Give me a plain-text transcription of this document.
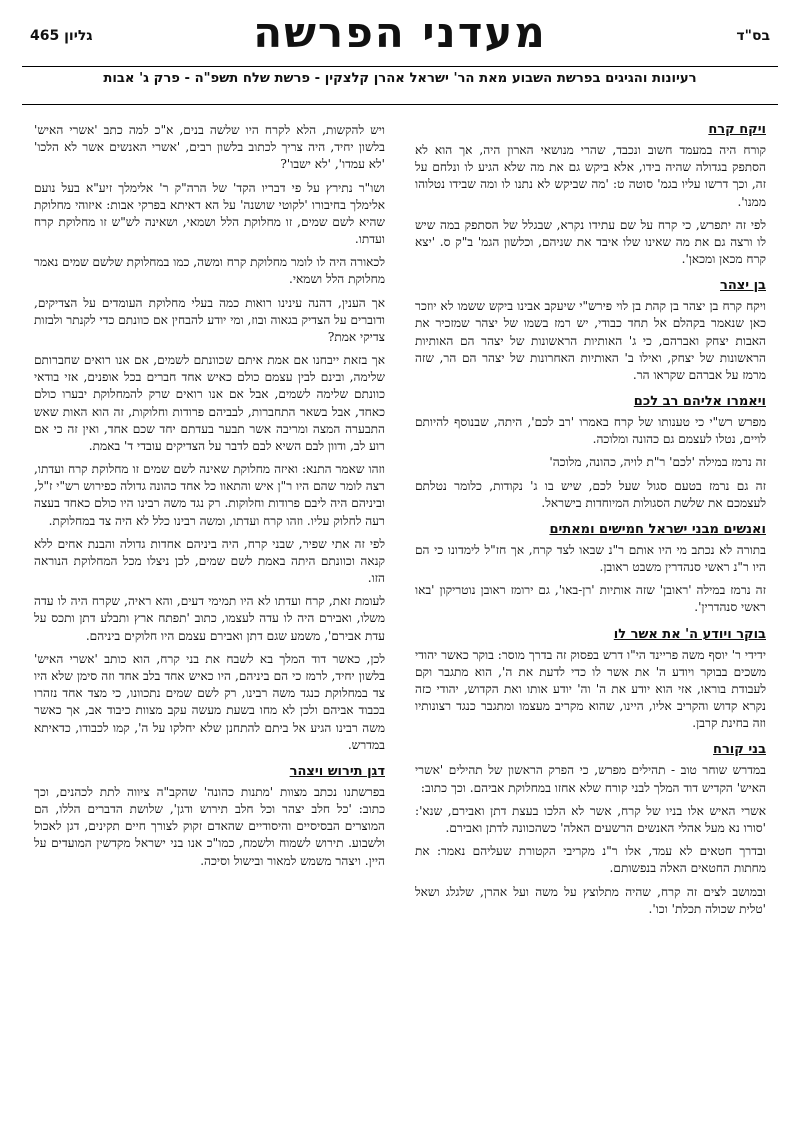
בס"ד
גליון 465	מעדני הפרשה
רעיונות והגיגים בפרשת השבוע מאת הר' ישראל אהרן קלצקין - פרשת שלח תשפ"ה - פרק ג' אבות
ויקח קרח

קורח היה במעמד חשוב ונכבד, שהרי מנושאי הארון היה, אך הוא לא הסתפק בגדולה שהיה בידו, אלא ביקש גם את מה שלא הגיע לו ונלחם על זה, וכך דרשו עליו בגמ' סוטה ט: 'מה שביקש לא נתנו לו ומה שבידו נטלוהו ממנו'.

לפי זה יתפרש, כי קרח על שם עתידו נקרא, שבגלל של הסתפק במה שיש לו ורצה גם את מה שאינו שלו איבד את שניהם, וכלשון הגמ' ב"ק ס. 'יצא קרח מכאן ומכאן'.

בן יצהר

ויקח קרח בן יצהר בן קהת בן לוי פירש"י שיעקב אבינו ביקש ששמו לא יוזכר כאן שנאמר בקהלם אל תחד כבודי, יש רמז בשמו של יצהר שמזכיר את האבות יצחק ואברהם, כי ג' האותיות הראשונות של יצהר הם האותיות הראשונות של יצחק, ואילו ב' האותיות האחרונות של יצהר הם הר, שזה מרמז על אברהם שקראו הר.

ויאמרו אליהם רב לכם

מפרש רש"י כי טענותו של קרח באמרו 'רב לכם', היתה, שבנוסף להיותם לויים, נטלו לעצמם גם כהונה ומלוכה.

זה נרמז במילה 'לכם' ר"ת לויה, כהונה, מלוכה'

זה גם נרמז בטעם סגול שעל לכם, שיש בו ג' נקודות, כלומר נטלתם לעצמכם את שלשת הסגולות המיוחדות בישראל.

ואנשים מבני ישראל חמישים ומאתים

בתורה לא נכתב מי היו אותם ר"נ שבאו לצד קרח, אך חז"ל לימדונו כי הם היו ר"נ ראשי סנהדרין משבט ראובן.

זה נרמז במילה 'ראובן' שזה אותיות 'רן-באו', גם ירומז ראובן נוטריקון 'באו ראשי סנהדרין'.

בוקר ויודע ה' את אשר לו

ידידי ר' יוסף משה פריינד הי"ו דרש בפסוק זה בדרך מוסר: בוקר כאשר יהודי משכים בבוקר ויודע ה' את אשר לו כדי לדעת את ה', הוא מתגבר וקם לעבודת בוראו, אזי הוא יודע את ה' וה' יודע אותו ואת הקדוש, יהודי כזה נקרא קדוש והקריב אליו, היינו, שהוא מקריב מעצמו ומתגבר כנגד רצונותיו וזה בחינת קרבן.

בני קורח

במדרש שוחר טוב - תהילים מפרש, כי הפרק הראשון של תהילים 'אשרי האיש' הקדיש דוד המלך לבני קורח שלא אחזו במחלוקת אביהם. וכך כתוב:

אשרי האיש אלו בניו של קרח, אשר לא הלכו בעצת דתן ואבירם, שנא': 'סורו נא מעל אהלי האנשים הרשעים האלה' כשהכוונה לדתן ואבירם.

ובדרך חטאים לא עמד, אלו ר"נ מקריבי הקטורת שעליהם נאמר: את מחתות החטאים האלה בנפשותם.

ובמושב לצים זה קרח, שהיה מתלוצץ על משה ועל אהרן, שלגלג ושאל 'טלית שכולה תכלת' וכו'.

ויש להקשות, הלא לקרח היו שלשה בנים, א"כ למה כתב 'אשרי האיש' בלשון יחיד, היה צריך לכתוב בלשון רבים, 'אשרי האנשים אשר לא הלכו' 'לא עמדו', 'לא ישבו'?

ושו"ר נתירץ על פי דבריו הקד' של הרה"ק ר' אלימלך זיע"א בעל נועם אלימלך בחיבורו 'לקוטי שושנה' על הא דאיתא בפרקי אבות: איזוהי מחלוקת שהיא לשם שמים, זו מחלוקת הלל ושמאי, ושאינה לש"ש זו מחלוקת קרח ועדתו.

לכאורה היה לו לומר מחלוקת קרח ומשה, כמו במחלוקת שלשם שמים נאמר מחלוקת הלל ושמאי.

אך הענין, דהנה עינינו רואות כמה בעלי מחלוקת העומדים על הצדיקים, ודוברים על הצדיק בגאוה ובוז, ומי יודע להבחין אם כוונתם כדי לקנתר ולבזות צדיקי אמת?

אך בזאת ייבחנו אם אמת איתם שכוונתם לשמים, אם אנו רואים שחברותם שלימה, ובינם לבין עצמם כולם כאיש אחד חברים בכל אופנים, אזי בודאי כוונתם שלימה לשמים, אבל אם אנו רואים שרק להמחלוקת יבערו כולם כאחד, אבל בשאר התחברות, לבביהם פרודות וחלוקות, זה הוא האות שאש התבערה המצה ומריבה אשר תבער בעדתם יחד שכם אחד, ואין זה כי אם רוע לב, ודוון לבם השיא לבם לדבר על הצדיקים עובדי ד' באמת.

וזהו שאמר התנא: ואיזה מחלוקת שאינה לשם שמים זו מחלוקת קרח ועדתו, רצה לומר שהם היו ר"ן איש והתאוו כל אחד כהונה גדולה כפירוש רש"י ז"ל, וביניהם היה ליבם פרודות וחלוקות. רק נגד משה רבינו היו כולם כאחד בעצה רעה לחלוק עליו. וזהו קרח ועדתו, ומשה רבינו כלל לא היה צד במחלוקת.

לפי זה אתי שפיר, שבני קרח, היה ביניהם אחדות גדולה והבנת אחים ללא קנאה וכוונתם היתה באמת לשם שמים, לכן ניצלו מכל המחלוקת הנוראה הזו.

לעומת זאת, קרח ועדתו לא היו תמימי דעים, והא ראיה, שקרח היה לו עדה משלו, ואבירם היה לו עדה לעצמו, כתוב 'תפתח ארץ ותבלע דתן ותכס על עדת אבירם', משמע שגם דתן ואבירם עצמם היו חלוקים ביניהם.

לכן, כאשר דוד המלך בא לשבח את בני קרח, הוא כותב 'אשרי האיש' בלשון יחיד, לרמז כי הם ביניהם, היו כאיש אחד בלב אחד וזה סימן שלא היו צד במחלוקת כנגד משה רבינו, רק לשם שמים נתכוונו, כי מצד אחד נזהרו בכבוד אביהם ולכן לא מחו בשעת מעשה עקב מצוות כיבוד אב, אך כאשר משה רבינו הגיע אל ביתם להתחנן שלא יחלקו על ה', קמו לכבודו, כדאיתא במדרש.

דגן תירוש ויצהר

בפרשתנו נכתב מצוות 'מתנות כהונה' שהקב"ה ציווה לתת לכהנים, וכך כתוב: 'כל חלב יצהר וכל חלב תירוש ודגן', שלושת הדברים הללו, הם המוצרים הבסיסיים והיסודיים שהאדם זקוק לצורך חיים תקינים, דגן לאכול ולשבוע. תירוש לשמוח ולשמח, כמו"כ אנו בני ישראל מקדשין המועדים על היין. ויצהר משמש למאור ובישול וסיכה.
